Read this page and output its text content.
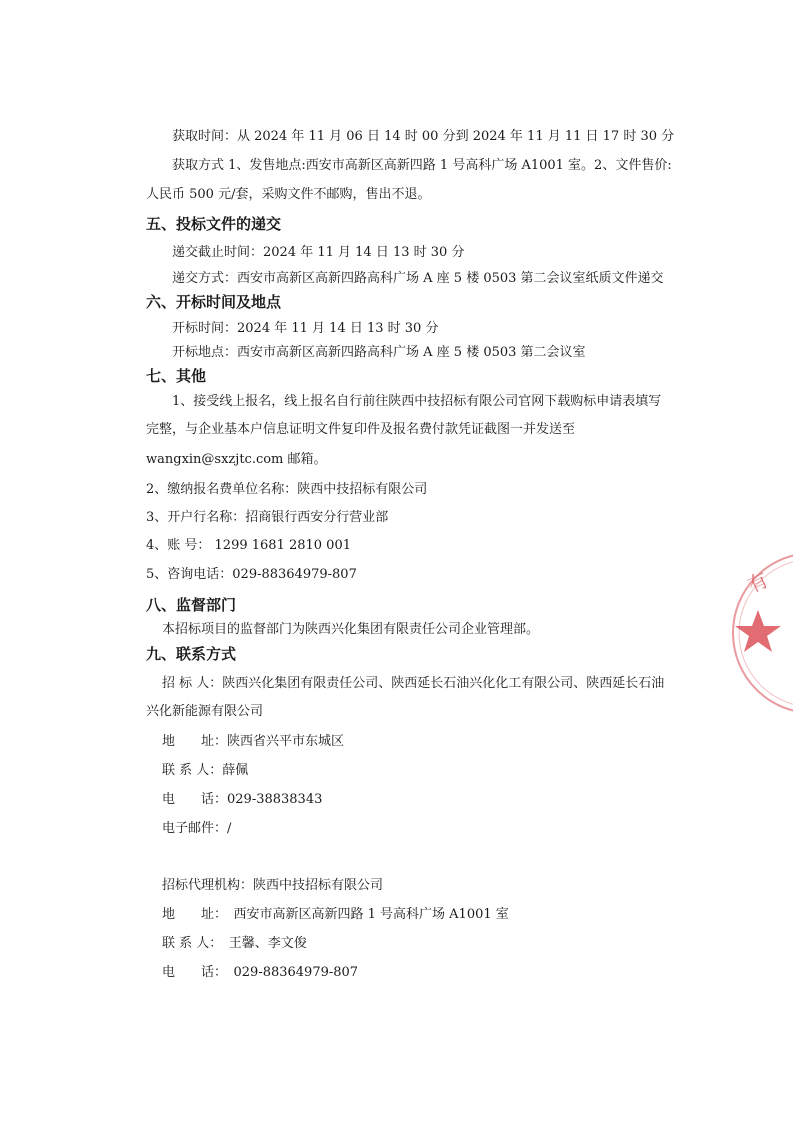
获取时间：从 2024 年 11 月 06 日 14 时 00 分到 2024 年 11 月 11 日 17 时 30 分
获取方式 1、发售地点:西安市高新区高新四路 1 号高科广场 A1001 室。2、文件售价:
人民币 500 元/套，采购文件不邮购，售出不退。
五、投标文件的递交
递交截止时间：2024 年 11 月 14 日 13 时 30 分
递交方式：西安市高新区高新四路高科广场 A 座 5 楼 0503 第二会议室纸质文件递交
六、开标时间及地点
开标时间：2024 年 11 月 14 日 13 时 30 分
开标地点：西安市高新区高新四路高科广场 A 座 5 楼 0503 第二会议室
七、其他
1、接受线上报名，线上报名自行前往陕西中技招标有限公司官网下载购标申请表填写
完整，与企业基本户信息证明文件复印件及报名费付款凭证截图一并发送至
wangxin@sxzjtc.com 邮箱。
2、缴纳报名费单位名称：陕西中技招标有限公司
3、开户行名称：招商银行西安分行营业部
4、账 号： 1299 1681 2810 001
5、咨询电话：029-88364979-807
八、监督部门
本招标项目的监督部门为陕西兴化集团有限责任公司企业管理部。
九、联系方式
招 标 人：陕西兴化集团有限责任公司、陕西延长石油兴化化工有限公司、陕西延长石油
兴化新能源有限公司
地　　址：陕西省兴平市东城区
联 系 人：薛佩
电　　话：029-38838343
电子邮件：/
招标代理机构：陕西中技招标有限公司
地　　址：　西安市高新区高新四路 1 号高科广场 A1001 室
联 系 人：　王馨、李文俊
电　　话：　029-88364979-807
有
